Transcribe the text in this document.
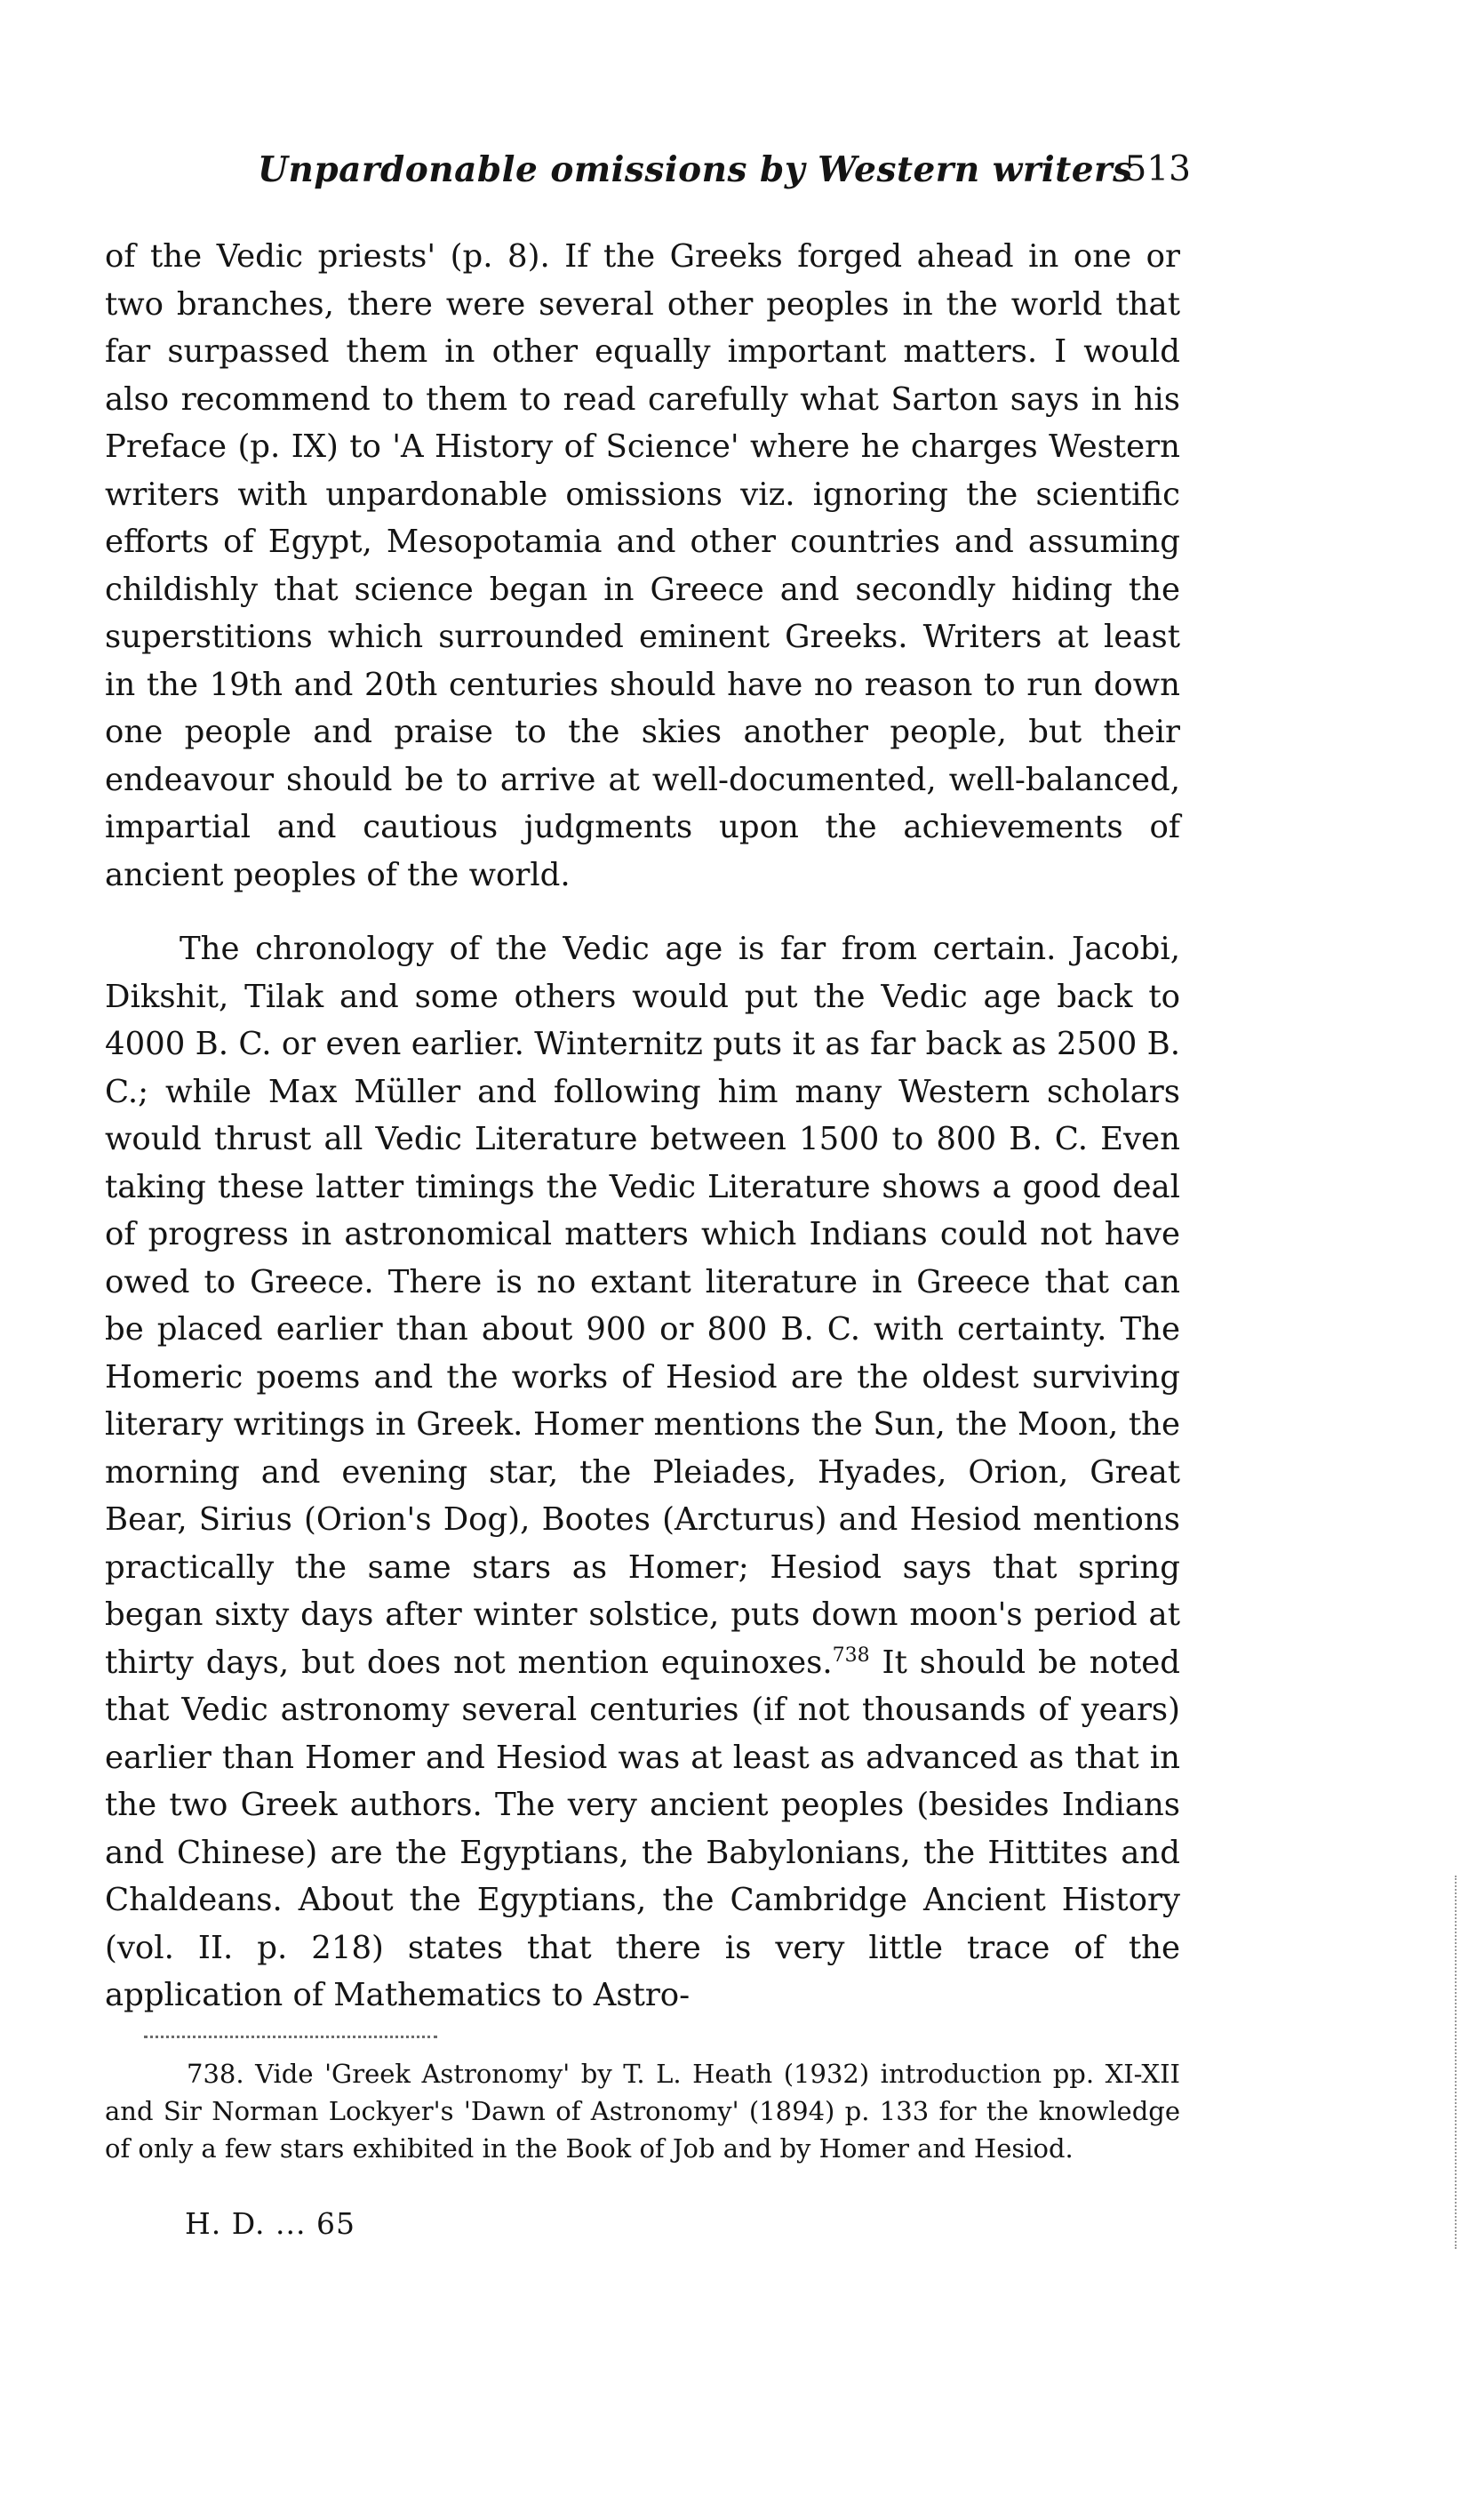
Unpardonable omissions by Western writers
513

of the Vedic priests' (p. 8). If the Greeks forged ahead in one or two branches, there were several other peoples in the world that far surpassed them in other equally important matters. I would also recommend to them to read carefully what Sarton says in his Preface (p. IX) to 'A History of Science' where he charges Western writers with unpardonable omissions viz. ignoring the scientific efforts of Egypt, Mesopotamia and other countries and assuming childishly that science began in Greece and secondly hiding the superstitions which surrounded eminent Greeks. Writers at least in the 19th and 20th centuries should have no reason to run down one people and praise to the skies another people, but their endeavour should be to arrive at well-documented, well-balanced, impartial and cautious judgments upon the achievements of ancient peoples of the world.

The chronology of the Vedic age is far from certain. Jacobi, Dikshit, Tilak and some others would put the Vedic age back to 4000 B. C. or even earlier. Winternitz puts it as far back as 2500 B. C.; while Max Müller and following him many Western scholars would thrust all Vedic Literature between 1500 to 800 B. C. Even taking these latter timings the Vedic Literature shows a good deal of progress in astronomical matters which Indians could not have owed to Greece. There is no extant literature in Greece that can be placed earlier than about 900 or 800 B. C. with certainty. The Homeric poems and the works of Hesiod are the oldest surviving literary writings in Greek. Homer mentions the Sun, the Moon, the morning and evening star, the Pleiades, Hyades, Orion, Great Bear, Sirius (Orion's Dog), Bootes (Arcturus) and Hesiod mentions practically the same stars as Homer; Hesiod says that spring began sixty days after winter solstice, puts down moon's period at thirty days, but does not mention equinoxes.$^{738}$ It should be noted that Vedic astronomy several centuries (if not thousands of years) earlier than Homer and Hesiod was at least as advanced as that in the two Greek authors. The very ancient peoples (besides Indians and Chinese) are the Egyptians, the Babylonians, the Hittites and Chaldeans. About the Egyptians, the Cambridge Ancient History (vol. II. p. 218) states that there is very little trace of the application of Mathematics to Astro-

738. Vide 'Greek Astronomy' by T. L. Heath (1932) introduction pp. XI-XII and Sir Norman Lockyer's 'Dawn of Astronomy' (1894) p. 133 for the knowledge of only a few stars exhibited in the Book of Job and by Homer and Hesiod.

H. D. ... 65
